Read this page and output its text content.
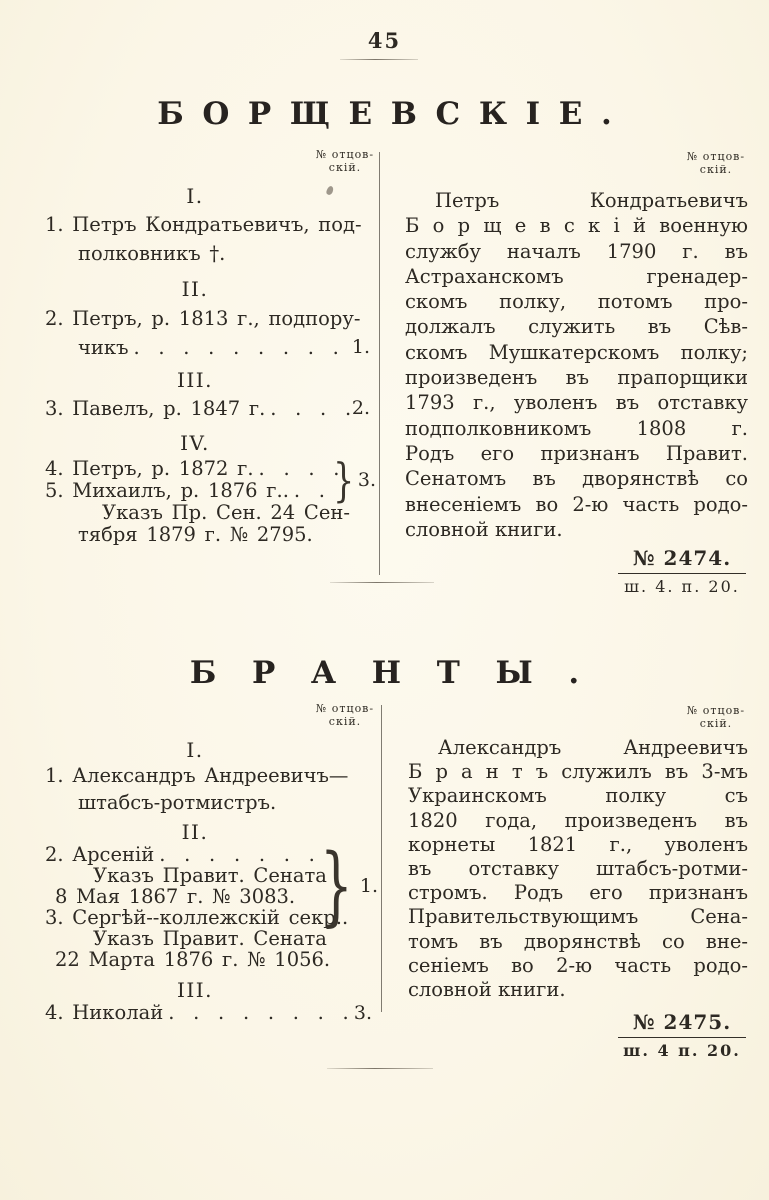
45
БОРЩЕВСКІЕ.
№ отцов-
скій.
№ отцов-
скій.
I.
1. Петръ Кондратьевичъ, под-
полковникъ †.
II.
2. Петръ, р. 1813 г., подпору-
чикъ . . . . . . . . . 1.
III.
3. Павелъ, р. 1847 г. . . . .
2.
IV.
4. Петръ, р. 1872 г. . . . .
5. Михаилъ, р. 1876 г.. . . }	3.
Указъ Пр. Сен. 24 Сен-
тября 1879 г. № 2795.
Петръ Кондратьевичъ
Б о р щ е в с к і й военную
службу началъ 1790 г. въ
Астраханскомъ гренадер-
скомъ полку, потомъ про-
должалъ служить въ Сѣв-
скомъ Мушкатерскомъ полку;
произведенъ въ прапорщики
1793 г., уволенъ въ отставку
подполковникомъ 1808 г.
Родъ его признанъ Правит.
Сенатомъ въ дворянствѣ со
внесеніемъ во 2-ю часть родо-
словной книги.
№ 2474.
ш. 4. п. 20.
БРАНТЫ.
№ отцов-
скій.
№ отцов-
скій.
I.
1. Александръ Андреевичъ—
штабсъ-ротмистръ.
II.
2. Арсеній . . . . . . . .
Указъ Правит. Сената
8 Мая 1867 г. № 3083.
3. Сергѣй--коллежскій секр..
}
1.
Указъ Правит. Сената
22 Марта 1876 г. № 1056.
III.
4. Николай . . . . . . . . 3.
Александръ Андреевичъ
Б р а н т ъ служилъ въ 3-мъ
Украинскомъ полку съ
1820 года, произведенъ въ
корнеты 1821 г., уволенъ
въ отставку штабсъ-ротми-
стромъ. Родъ его признанъ
Правительствующимъ Сена-
томъ въ дворянствѣ со вне-
сеніемъ во 2-ю часть родо-
словной книги.
№ 2475.
ш. 4 п. 20.
